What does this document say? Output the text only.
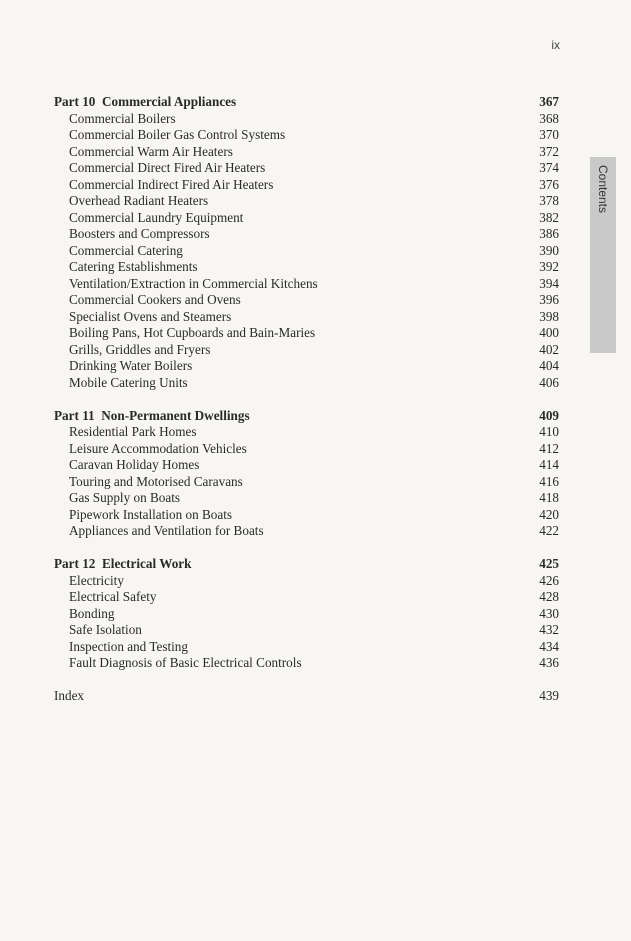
ix
Contents
Part 10 Commercial Appliances	367
Commercial Boilers	368
Commercial Boiler Gas Control Systems	370
Commercial Warm Air Heaters	372
Commercial Direct Fired Air Heaters	374
Commercial Indirect Fired Air Heaters	376
Overhead Radiant Heaters	378
Commercial Laundry Equipment	382
Boosters and Compressors	386
Commercial Catering	390
Catering Establishments	392
Ventilation/Extraction in Commercial Kitchens	394
Commercial Cookers and Ovens	396
Specialist Ovens and Steamers	398
Boiling Pans, Hot Cupboards and Bain-Maries	400
Grills, Griddles and Fryers	402
Drinking Water Boilers	404
Mobile Catering Units	406
Part 11 Non-Permanent Dwellings	409
Residential Park Homes	410
Leisure Accommodation Vehicles	412
Caravan Holiday Homes	414
Touring and Motorised Caravans	416
Gas Supply on Boats	418
Pipework Installation on Boats	420
Appliances and Ventilation for Boats	422
Part 12 Electrical Work	425
Electricity	426
Electrical Safety	428
Bonding	430
Safe Isolation	432
Inspection and Testing	434
Fault Diagnosis of Basic Electrical Controls	436
Index	439
